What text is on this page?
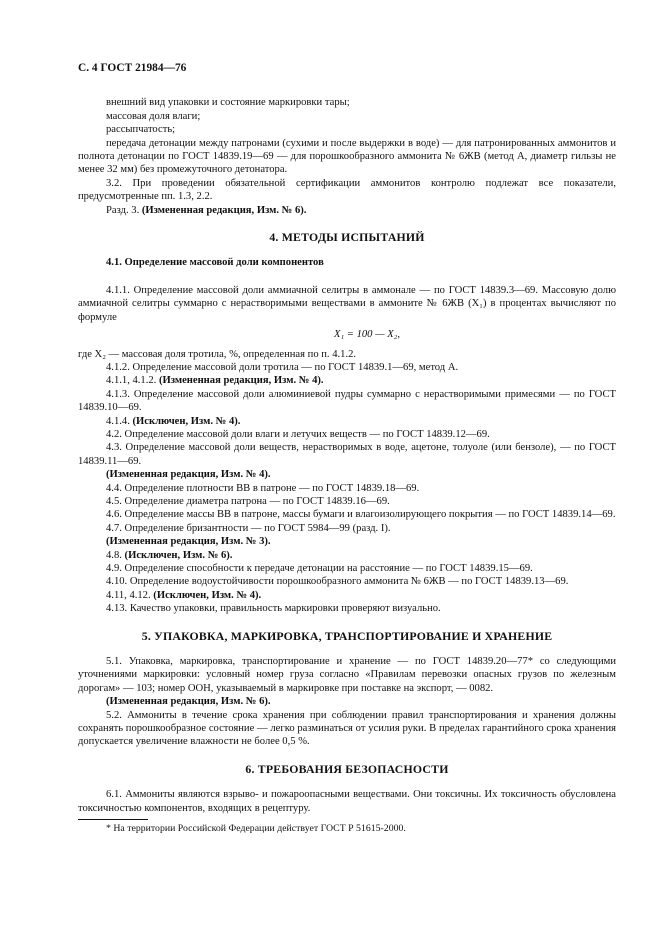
С. 4 ГОСТ 21984—76

внешний вид упаковки и состояние маркировки тары;

массовая доля влаги;

рассыпчатость;

передача детонации между патронами (сухими и после выдержки в воде) — для патронированных аммонитов и полнота детонации по ГОСТ 14839.19—69 — для порошкообразного аммонита № 6ЖВ (метод А, диаметр гильзы не менее 32 мм) без промежуточного детонатора.

3.2. При проведении обязательной сертификации аммонитов контролю подлежат все показатели, предусмотренные пп. 1.3, 2.2.

Разд. 3. (Измененная редакция, Изм. № 6).

4. МЕТОДЫ ИСПЫТАНИЙ
4.1. Определение массовой доли компонентов

4.1.1. Определение массовой доли аммиачной селитры в аммонале — по ГОСТ 14839.3—69. Массовую долю аммиачной селитры суммарно с нерастворимыми веществами в аммоните № 6ЖВ (X₁) в процентах вычисляют по формуле

X₁ = 100 — X₂,

где X₂ — массовая доля тротила, %, определенная по п. 4.1.2.

4.1.2. Определение массовой доли тротила — по ГОСТ 14839.1—69, метод А.

4.1.1, 4.1.2. (Измененная редакция, Изм. № 4).

4.1.3. Определение массовой доли алюминиевой пудры суммарно с нерастворимыми примесями — по ГОСТ 14839.10—69.

4.1.4. (Исключен, Изм. № 4).

4.2. Определение массовой доли влаги и летучих веществ — по ГОСТ 14839.12—69.

4.3. Определение массовой доли веществ, нерастворимых в воде, ацетоне, толуоле (или бензоле), — по ГОСТ 14839.11—69.

(Измененная редакция, Изм. № 4).

4.4. Определение плотности ВВ в патроне — по ГОСТ 14839.18—69.

4.5. Определение диаметра патрона — по ГОСТ 14839.16—69.

4.6. Определение массы ВВ в патроне, массы бумаги и влагоизолирующего покрытия — по ГОСТ 14839.14—69.

4.7. Определение бризантности — по ГОСТ 5984—99 (разд. I).

(Измененная редакция, Изм. № 3).

4.8. (Исключен, Изм. № 6).

4.9. Определение способности к передаче детонации на расстояние — по ГОСТ 14839.15—69.

4.10. Определение водоустойчивости порошкообразного аммонита № 6ЖВ — по ГОСТ 14839.13—69.

4.11, 4.12. (Исключен, Изм. № 4).

4.13. Качество упаковки, правильность маркировки проверяют визуально.

5. УПАКОВКА, МАРКИРОВКА, ТРАНСПОРТИРОВАНИЕ И ХРАНЕНИЕ

5.1. Упаковка, маркировка, транспортирование и хранение — по ГОСТ 14839.20—77* со следующими уточнениями маркировки: условный номер груза согласно «Правилам перевозки опасных грузов по железным дорогам» — 103; номер ООН, указываемый в маркировке при поставке на экспорт, — 0082.

(Измененная редакция, Изм. № 6).

5.2. Аммониты в течение срока хранения при соблюдении правил транспортирования и хранения должны сохранять порошкообразное состояние — легко разминаться от усилия руки. В пределах гарантийного срока хранения допускается увеличение влажности не более 0,5 %.

6. ТРЕБОВАНИЯ БЕЗОПАСНОСТИ

6.1. Аммониты являются взрыво- и пожароопасными веществами. Они токсичны. Их токсичность обусловлена токсичностью компонентов, входящих в рецептуру.

* На территории Российской Федерации действует ГОСТ Р 51615-2000.
